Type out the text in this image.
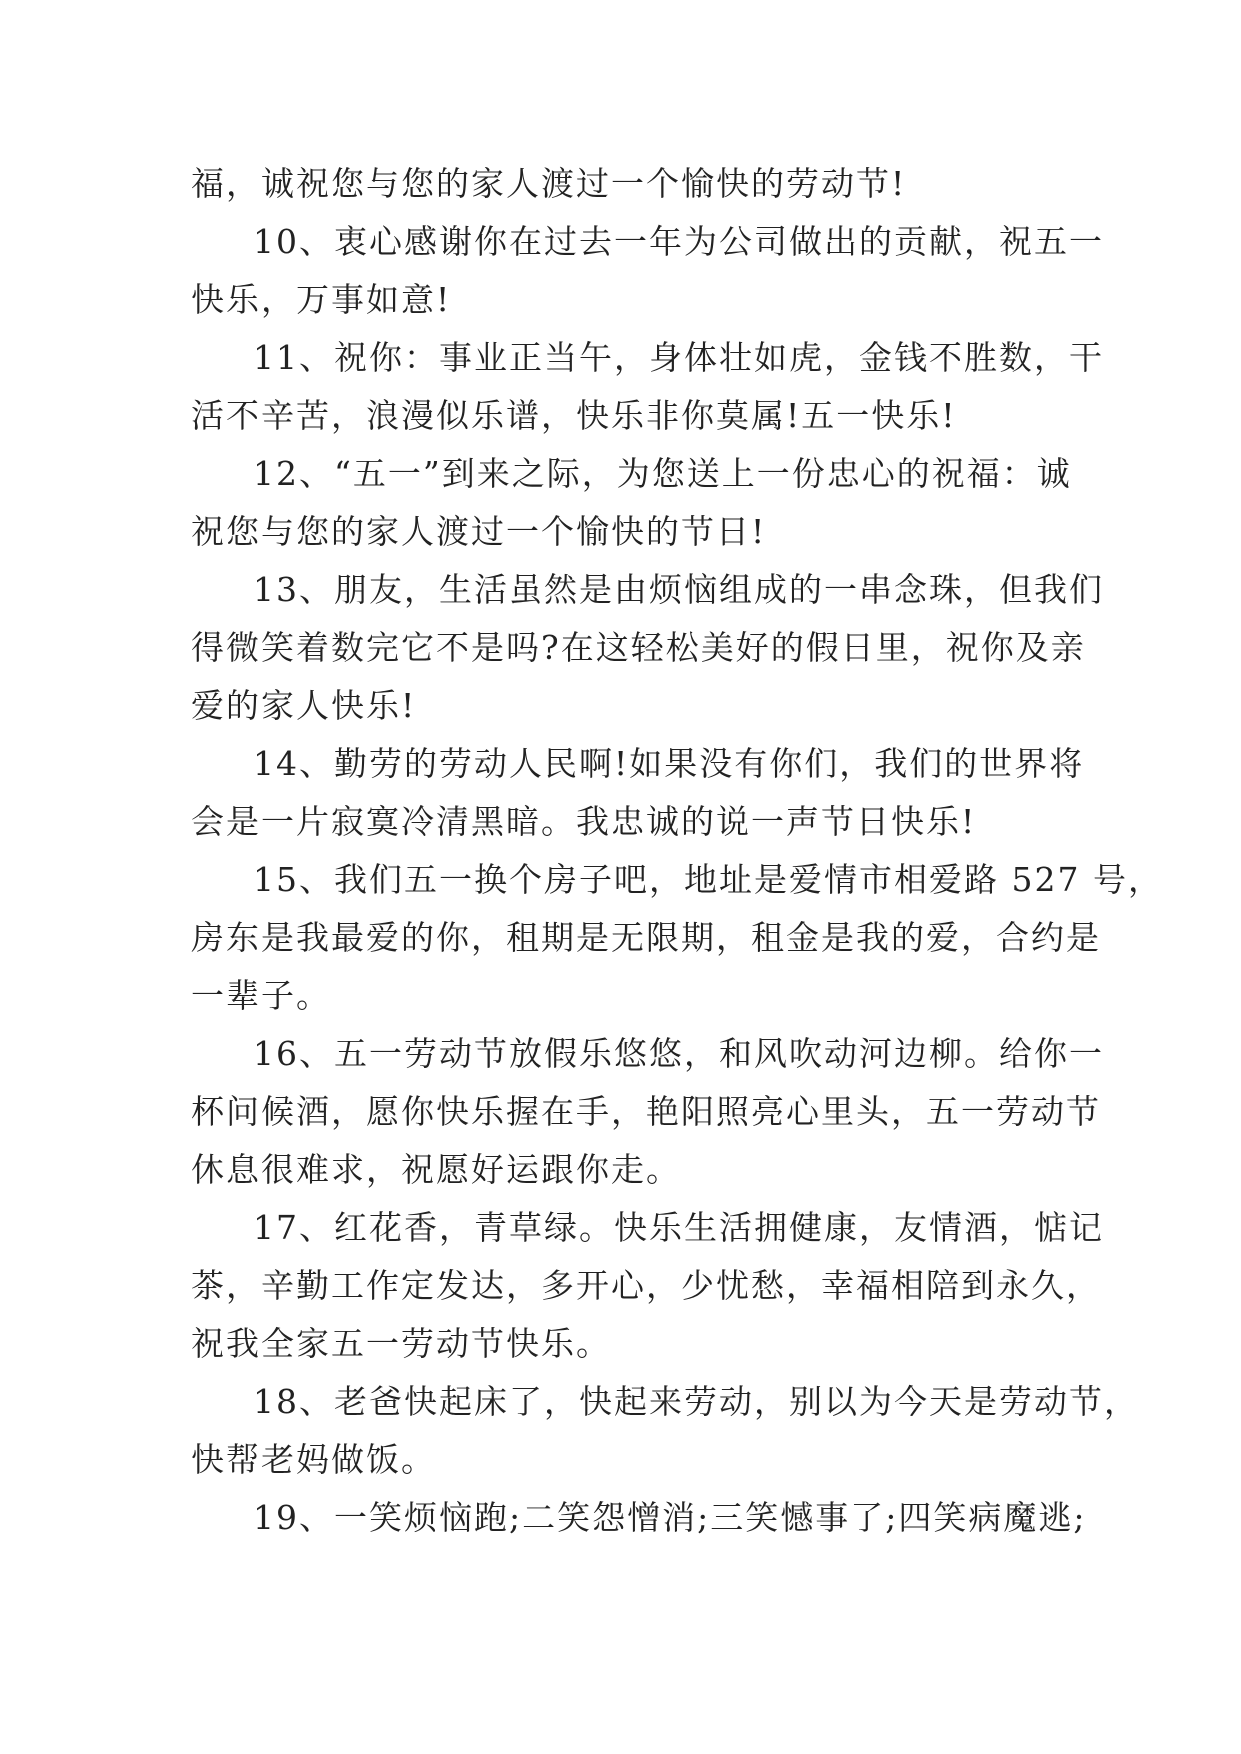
福，诚祝您与您的家人渡过一个愉快的劳动节!
10、衷心感谢你在过去一年为公司做出的贡献，祝五一
快乐，万事如意!
11、祝你：事业正当午，身体壮如虎，金钱不胜数，干
活不辛苦，浪漫似乐谱，快乐非你莫属!五一快乐!
12、“五一”到来之际，为您送上一份忠心的祝福：诚
祝您与您的家人渡过一个愉快的节日!
13、朋友，生活虽然是由烦恼组成的一串念珠，但我们
得微笑着数完它不是吗?在这轻松美好的假日里，祝你及亲
爱的家人快乐!
14、勤劳的劳动人民啊!如果没有你们，我们的世界将
会是一片寂寞冷清黑暗。我忠诚的说一声节日快乐!
15、我们五一换个房子吧，地址是爱情市相爱路 527 号，
房东是我最爱的你，租期是无限期，租金是我的爱，合约是
一辈子。
16、五一劳动节放假乐悠悠，和风吹动河边柳。给你一
杯问候酒，愿你快乐握在手，艳阳照亮心里头，五一劳动节
休息很难求，祝愿好运跟你走。
17、红花香，青草绿。快乐生活拥健康，友情酒，惦记
茶，辛勤工作定发达，多开心，少忧愁，幸福相陪到永久，
祝我全家五一劳动节快乐。
18、老爸快起床了，快起来劳动，别以为今天是劳动节，
快帮老妈做饭。
19、一笑烦恼跑;二笑怨憎消;三笑憾事了;四笑病魔逃;
